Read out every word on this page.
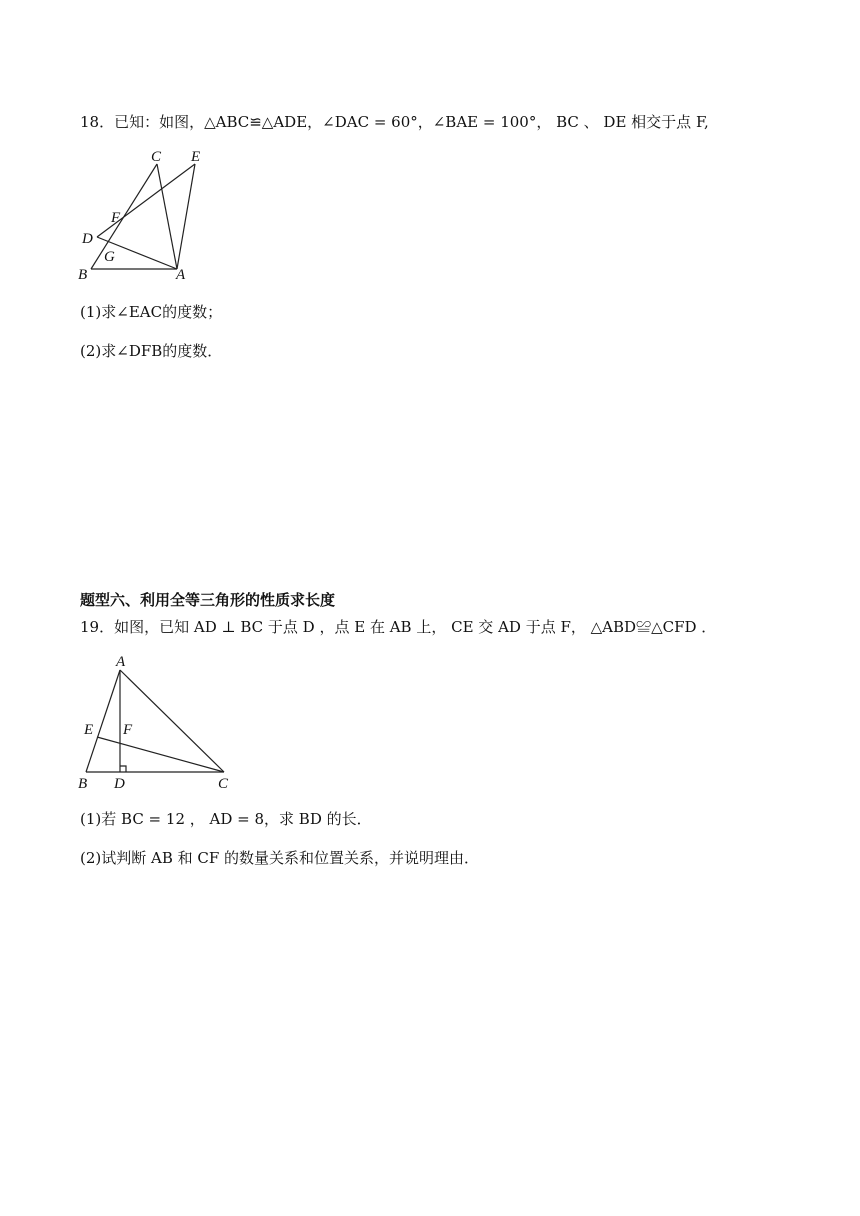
18．已知：如图，△ABC≌△ADE，∠DAC = 60°，∠BAE = 100°， BC 、 DE 相交于点 F,
C E
F
D
G
B	A
(1)求∠EAC的度数；
(2)求∠DFB的度数．
题型六、利用全等三角形的性质求长度
19．如图，已知 AD ⊥ BC 于点 D ，点 E 在 AB 上， CE 交 AD 于点 F， △ABD≌△CFD ．
A
E F
B D	C
(1)若 BC = 12 ， AD = 8，求 BD 的长．
(2)试判断 AB 和 CF 的数量关系和位置关系，并说明理由．
